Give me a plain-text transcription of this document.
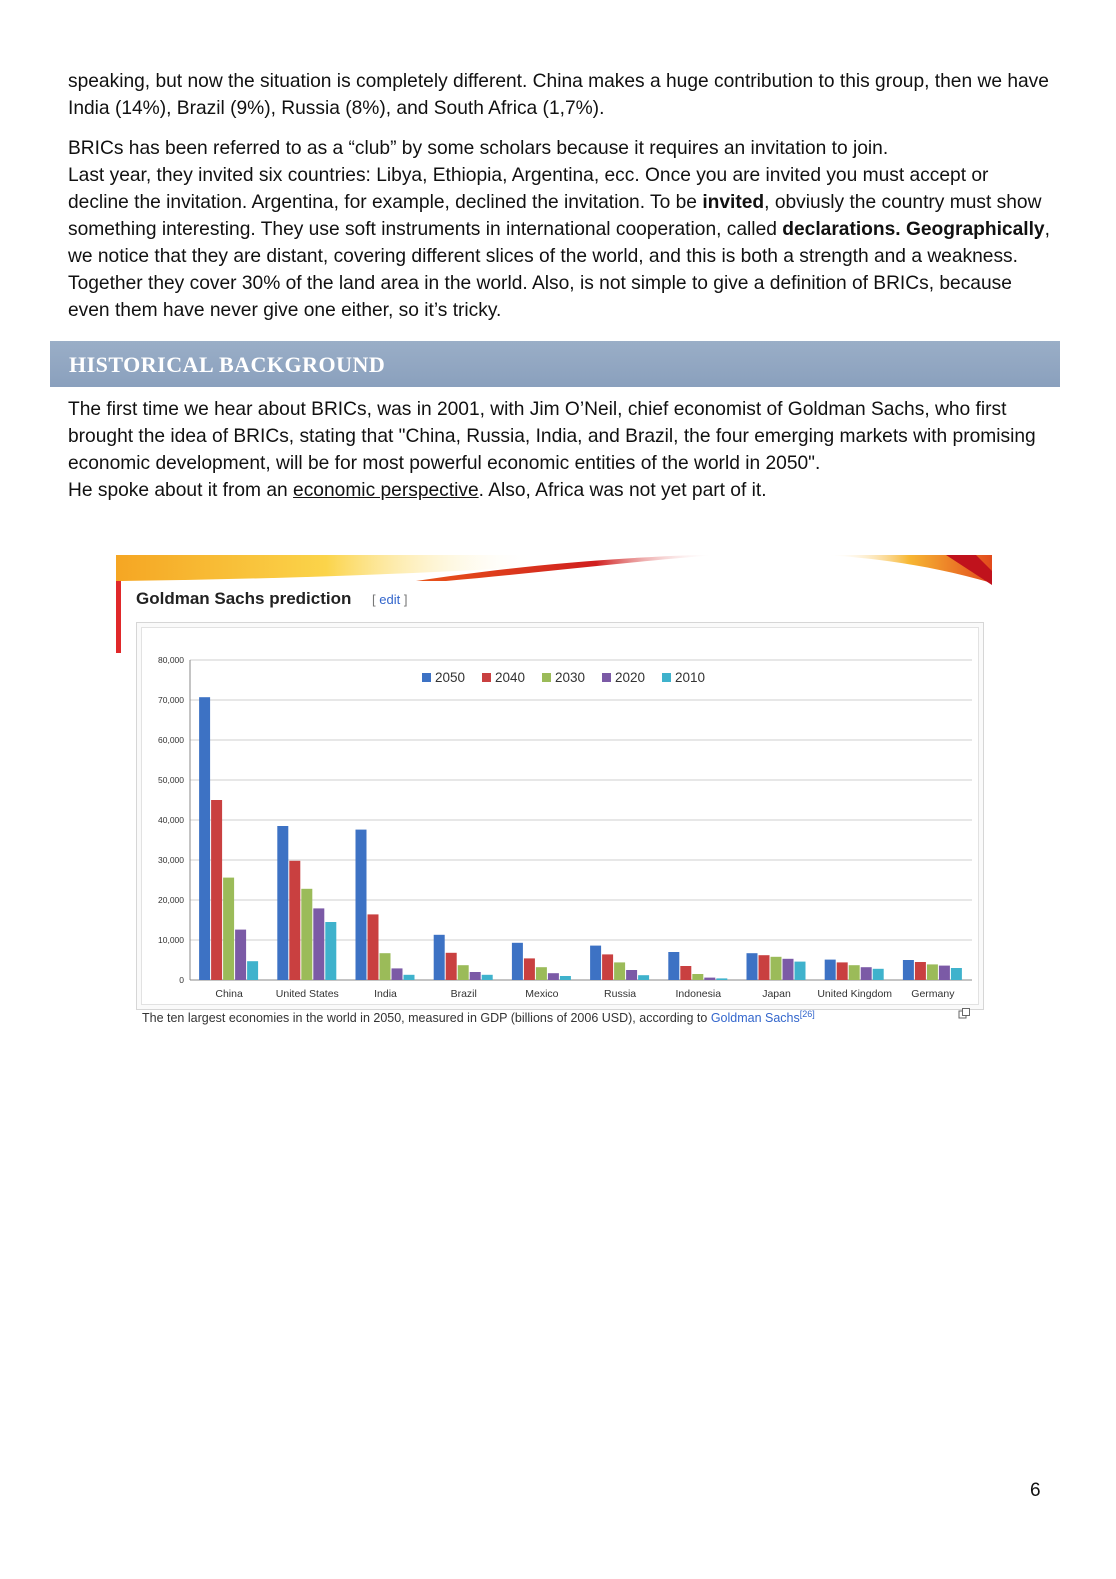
speaking, but now the situation is completely different. China makes a huge contribution to this group, then we have India (14%), Brazil (9%), Russia (8%), and South Africa (1,7%).

BRICs has been referred to as a “club” by some scholars because it requires an invitation to join.
Last year, they invited six countries: Libya, Ethiopia, Argentina, ecc. Once you are invited you must accept or decline the invitation. Argentina, for example, declined the invitation. To be invited, obviusly the country must show something interesting. They use soft instruments in international cooperation, called declarations. Geographically, we notice that they are distant, covering different slices of the world, and this is both a strength and a weakness. Together they cover 30% of the land area in the world. Also, is not simple to give a definition of BRICs, because even them have never give one either, so it’s tricky.

HISTORICAL BACKGROUND

The first time we hear about BRICs, was in 2001, with Jim O’Neil, chief economist of Goldman Sachs, who first brought the idea of BRICs, stating that "China, Russia, India, and Brazil, the four emerging markets with promising economic development, will be for most powerful economic entities of the world in 2050".
He spoke about it from an economic perspective. Also, Africa was not yet part of it.

Goldman Sachs prediction [ edit ]
0
10,000
20,000
30,000
40,000
50,000
60,000
70,000
80,000
China	United States	India	Brazil	Mexico	Russia	Indonesia	Japan	United Kingdom Germany
2050 2040 2030 2020 2010
The ten largest economies in the world in 2050, measured in GDP (billions of 2006 USD), according to Goldman Sachs[26]
6
